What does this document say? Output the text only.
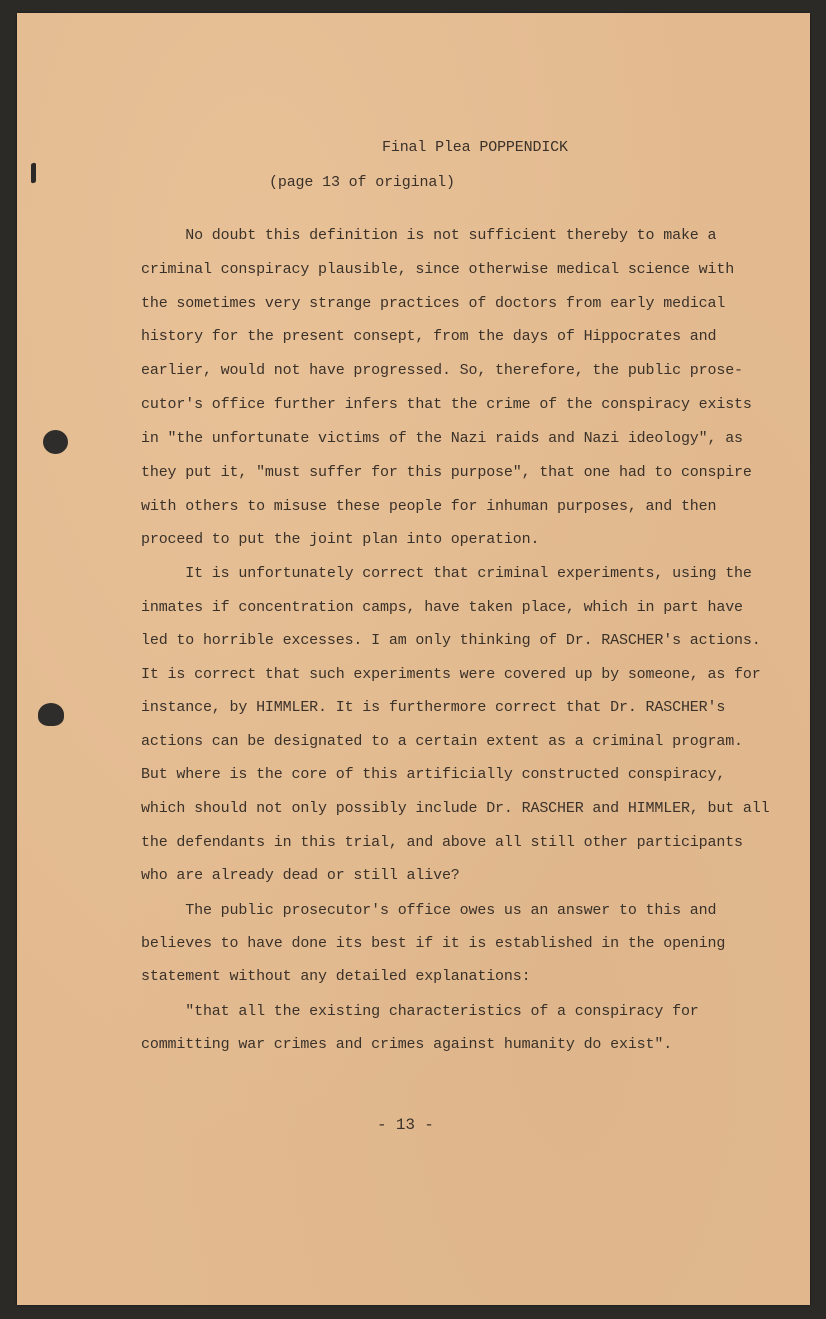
Final Plea POPPENDICK
(page 13 of original)
No doubt this definition is not sufficient thereby to make a
criminal conspiracy plausible, since otherwise medical science with
the sometimes very strange practices of doctors from early medical
history for the present consept, from the days of Hippocrates and
earlier, would not have progressed. So, therefore, the public prose-
cutor's office further infers that the crime of the conspiracy exists
in "the unfortunate victims of the Nazi raids and Nazi ideology", as
they put it, "must suffer for this purpose", that one had to conspire
with others to misuse these people for inhuman purposes, and then
proceed to put the joint plan into operation.
It is unfortunately correct that criminal experiments, using the
inmates if concentration camps, have taken place, which in part have
led to horrible excesses. I am only thinking of Dr. RASCHER's actions.
It is correct that such experiments were covered up by someone, as for
instance, by HIMMLER. It is furthermore correct that Dr. RASCHER's
actions can be designated to a certain extent as a criminal program.
But where is the core of this artificially constructed conspiracy,
which should not only possibly include Dr. RASCHER and HIMMLER, but all
the defendants in this trial, and above all still other participants
who are already dead or still alive?
The public prosecutor's office owes us an answer to this and
believes to have done its best if it is established in the opening
statement without any detailed explanations:
"that all the existing characteristics of a conspiracy for
committing war crimes and crimes against humanity do exist".
- 13 -
